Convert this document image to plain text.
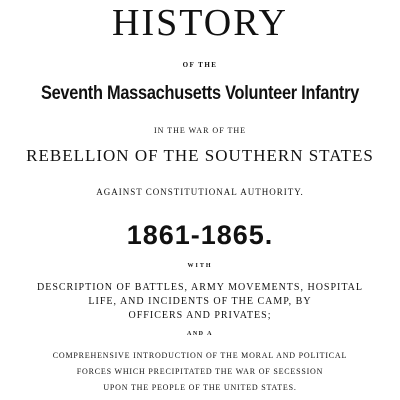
HISTORY
OF THE
Seventh Massachusetts Volunteer Infantry
IN THE WAR OF THE
REBELLION OF THE SOUTHERN STATES
AGAINST CONSTITUTIONAL AUTHORITY.
1861-1865.
WITH
DESCRIPTION OF BATTLES, ARMY MOVEMENTS, HOSPITAL
LIFE, AND INCIDENTS OF THE CAMP, BY
OFFICERS AND PRIVATES;
AND A
COMPREHENSIVE INTRODUCTION OF THE MORAL AND POLITICAL
FORCES WHICH PRECIPITATED THE WAR OF SECESSION
UPON THE PEOPLE OF THE UNITED STATES.
